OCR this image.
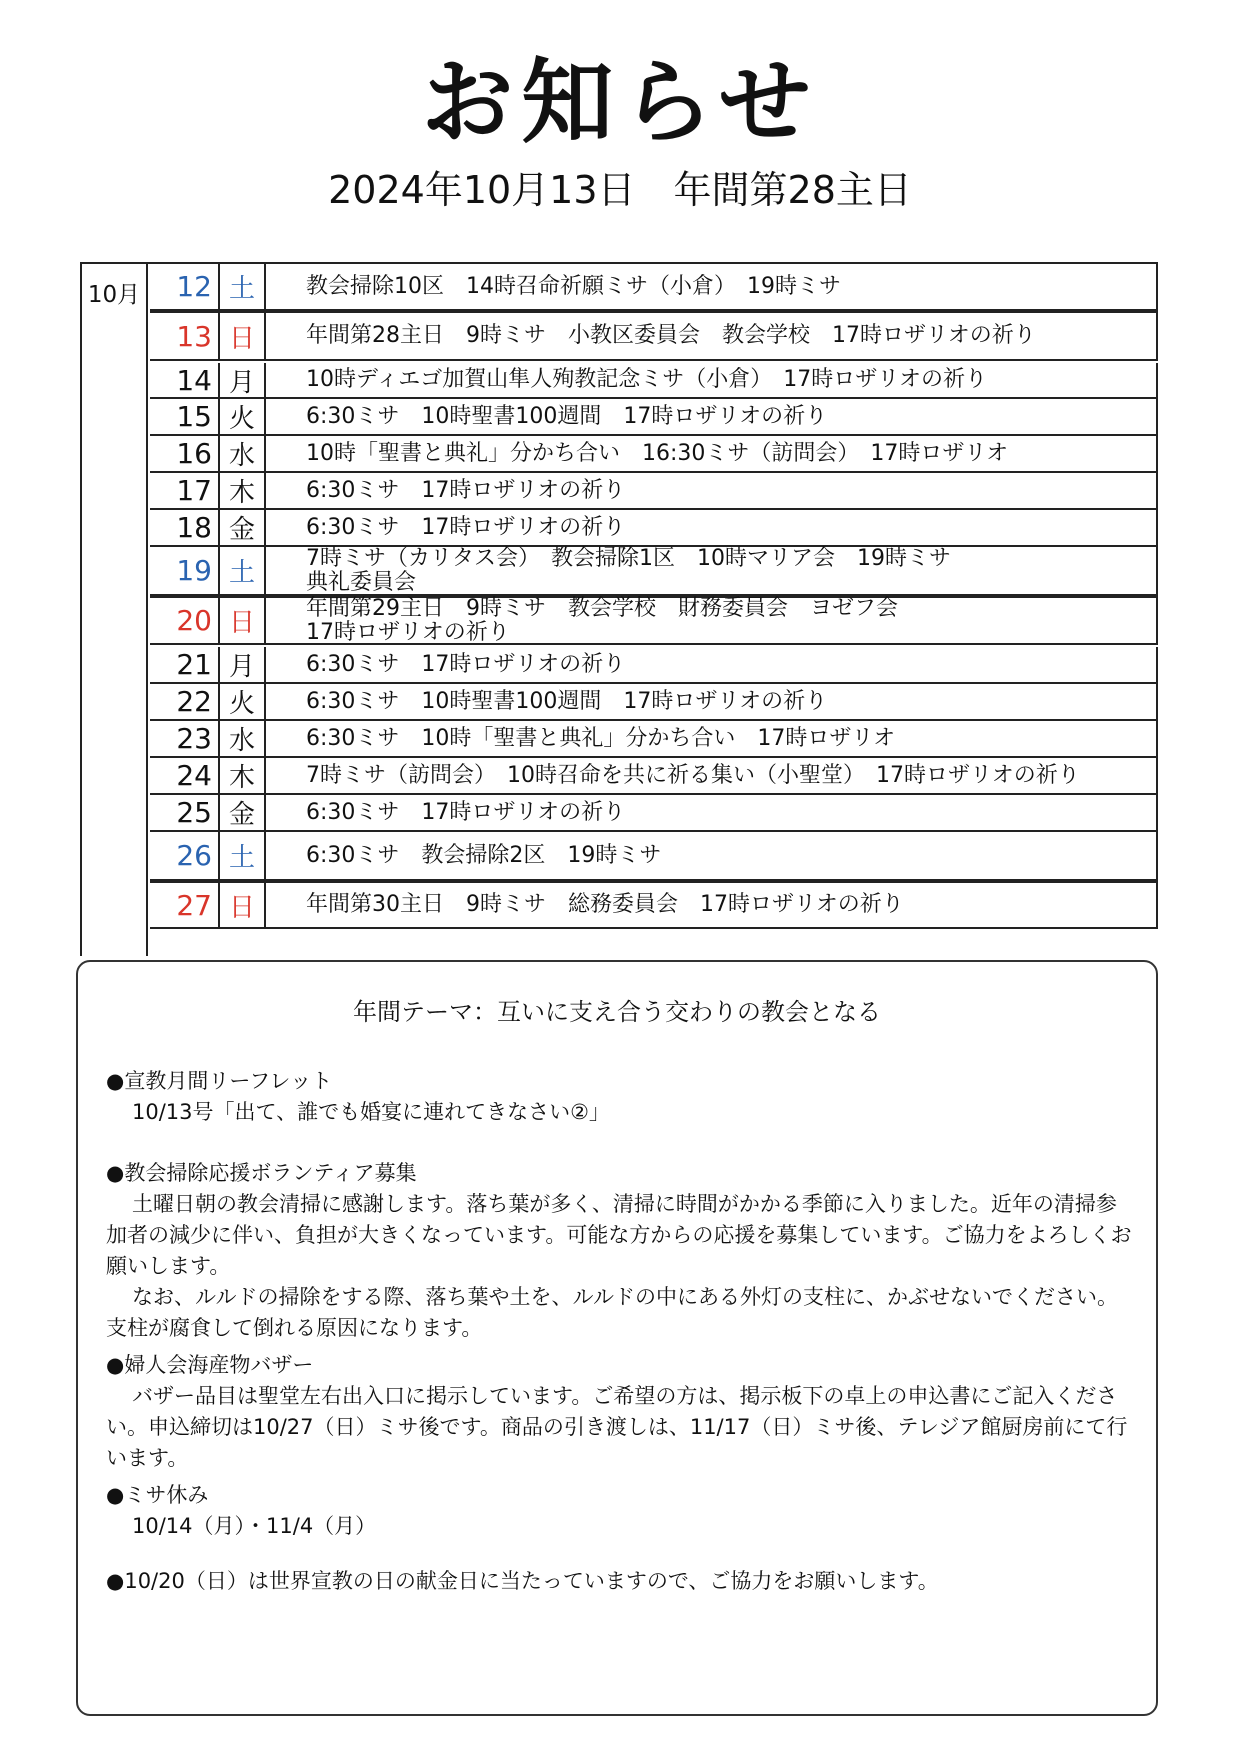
お知らせ
2024年10月13日　年間第28主日
10月	12 土	教会掃除10区　14時召命祈願ミサ（小倉）　19時ミサ
13 日	年間第28主日　9時ミサ　小教区委員会　教会学校　17時ロザリオの祈り
14 月	10時ディエゴ加賀山隼人殉教記念ミサ（小倉）　17時ロザリオの祈り
15 火	6:30ミサ　10時聖書100週間　17時ロザリオの祈り
16 水	10時「聖書と典礼」分かち合い　16:30ミサ（訪問会）　17時ロザリオ
17 木	6:30ミサ　17時ロザリオの祈り
18 金	6:30ミサ　17時ロザリオの祈り
19 土	7時ミサ（カリタス会）　教会掃除1区　10時マリア会　19時ミサ
典礼委員会
20 日	年間第29主日　9時ミサ　教会学校　財務委員会　ヨゼフ会
17時ロザリオの祈り
21 月	6:30ミサ　17時ロザリオの祈り
22 火	6:30ミサ　10時聖書100週間　17時ロザリオの祈り
23 水	6:30ミサ　10時「聖書と典礼」分かち合い　17時ロザリオ
24 木	7時ミサ（訪問会）　10時召命を共に祈る集い（小聖堂）　17時ロザリオの祈り
25 金	6:30ミサ　17時ロザリオの祈り
26 土	6:30ミサ　教会掃除2区　19時ミサ
27 日	年間第30主日　9時ミサ　総務委員会　17時ロザリオの祈り
年間テーマ：互いに支え合う交わりの教会となる

● 宣教月間リーフレット

10/13号「出て、誰でも婚宴に連れてきなさい②」

● 教会掃除応援ボランティア募集

土曜日朝の教会清掃に感謝します。落ち葉が多く、清掃に時間がかかる季節に入りました。近年の清掃参加者の減少に伴い、負担が大きくなっています。可能な方からの応援を募集しています。ご協力をよろしくお願いします。

なお、ルルドの掃除をする際、落ち葉や土を、ルルドの中にある外灯の支柱に、かぶせないでください。支柱が腐食して倒れる原因になります。

● 婦人会海産物バザー

バザー品目は聖堂左右出入口に掲示しています。ご希望の方は、掲示板下の卓上の申込書にご記入ください。申込締切は10/27（日）ミサ後です。商品の引き渡しは、11/17（日）ミサ後、テレジア館厨房前にて行います。

● ミサ休み

10/14（月）・11/4（月）

● 10/20（日）は世界宣教の日の献金日に当たっていますので、ご協力をお願いします。
